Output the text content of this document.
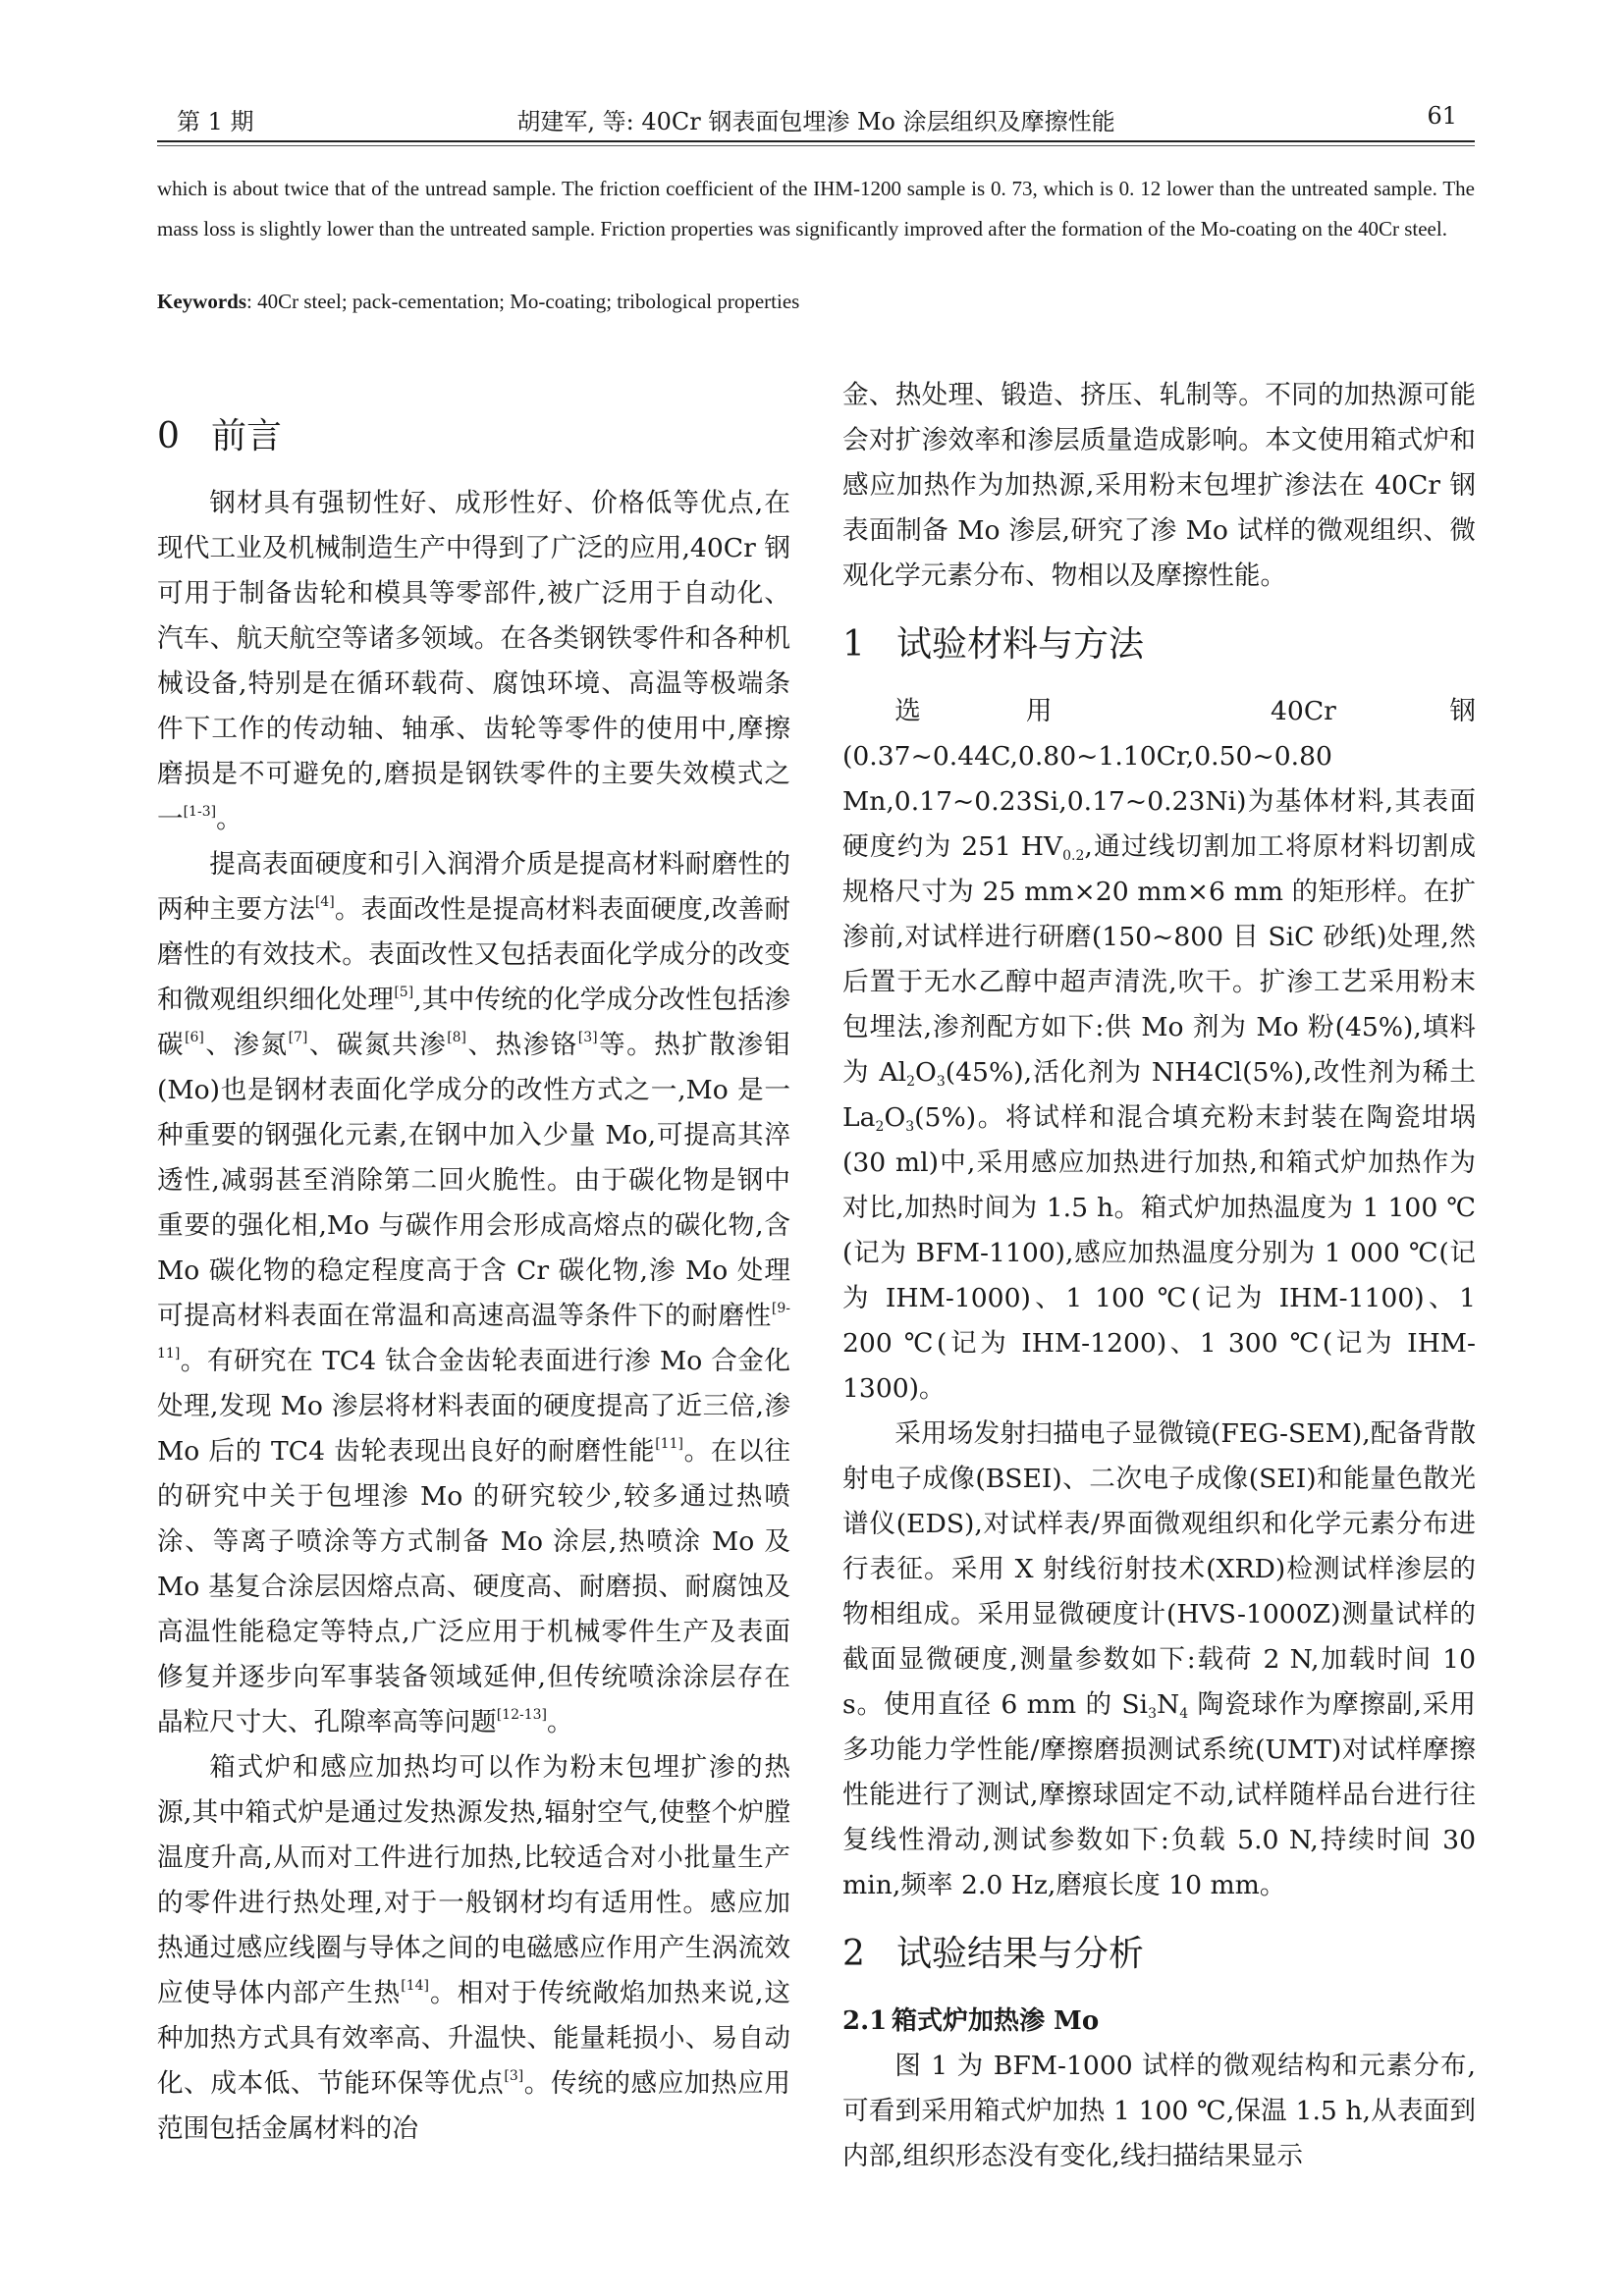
第 1 期	胡建军, 等: 40Cr 钢表面包埋渗 Mo 涂层组织及摩擦性能	61
which is about twice that of the untread sample. The friction coefficient of the IHM-1200 sample is 0. 73, which is 0. 12 lower than the untreated sample. The mass loss is slightly lower than the untreated sample. Friction properties was significantly improved after the formation of the Mo-coating on the 40Cr steel.
Keywords: 40Cr steel; pack-cementation; Mo-coating; tribological properties
0 前言

钢材具有强韧性好、成形性好、价格低等优点,在现代工业及机械制造生产中得到了广泛的应用,40Cr 钢可用于制备齿轮和模具等零部件,被广泛用于自动化、汽车、航天航空等诸多领域。在各类钢铁零件和各种机械设备,特别是在循环载荷、腐蚀环境、高温等极端条件下工作的传动轴、轴承、齿轮等零件的使用中,摩擦磨损是不可避免的,磨损是钢铁零件的主要失效模式之一[1-3]。

提高表面硬度和引入润滑介质是提高材料耐磨性的两种主要方法[4]。表面改性是提高材料表面硬度,改善耐磨性的有效技术。表面改性又包括表面化学成分的改变和微观组织细化处理[5],其中传统的化学成分改性包括渗碳[6]、渗氮[7]、碳氮共渗[8]、热渗铬[3]等。热扩散渗钼(Mo)也是钢材表面化学成分的改性方式之一,Mo 是一种重要的钢强化元素,在钢中加入少量 Mo,可提高其淬透性,减弱甚至消除第二回火脆性。由于碳化物是钢中重要的强化相,Mo 与碳作用会形成高熔点的碳化物,含 Mo 碳化物的稳定程度高于含 Cr 碳化物,渗 Mo 处理可提高材料表面在常温和高速高温等条件下的耐磨性[9-11]。有研究在 TC4 钛合金齿轮表面进行渗 Mo 合金化处理,发现 Mo 渗层将材料表面的硬度提高了近三倍,渗 Mo 后的 TC4 齿轮表现出良好的耐磨性能[11]。在以往的研究中关于包埋渗 Mo 的研究较少,较多通过热喷涂、等离子喷涂等方式制备 Mo 涂层,热喷涂 Mo 及 Mo 基复合涂层因熔点高、硬度高、耐磨损、耐腐蚀及高温性能稳定等特点,广泛应用于机械零件生产及表面修复并逐步向军事装备领域延伸,但传统喷涂涂层存在晶粒尺寸大、孔隙率高等问题[12-13]。

箱式炉和感应加热均可以作为粉末包埋扩渗的热源,其中箱式炉是通过发热源发热,辐射空气,使整个炉膛温度升高,从而对工件进行加热,比较适合对小批量生产的零件进行热处理,对于一般钢材均有适用性。感应加热通过感应线圈与导体之间的电磁感应作用产生涡流效应使导体内部产生热[14]。相对于传统敞焰加热来说,这种加热方式具有效率高、升温快、能量耗损小、易自动化、成本低、节能环保等优点[3]。传统的感应加热应用范围包括金属材料的冶

金、热处理、锻造、挤压、轧制等。不同的加热源可能会对扩渗效率和渗层质量造成影响。本文使用箱式炉和感应加热作为加热源,采用粉末包埋扩渗法在 40Cr 钢表面制备 Mo 渗层,研究了渗 Mo 试样的微观组织、微观化学元素分布、物相以及摩擦性能。

1 试验材料与方法

选用 40Cr 钢(0.37~0.44C,0.80~1.10Cr,0.50~0.80 Mn,0.17~0.23Si,0.17~0.23Ni)为基体材料,其表面硬度约为 251 $HV_{0.2}$,通过线切割加工将原材料切割成规格尺寸为 25 mm×20 mm×6 mm 的矩形样。在扩渗前,对试样进行研磨(150~800 目 SiC 砂纸)处理,然后置于无水乙醇中超声清洗,吹干。扩渗工艺采用粉末包埋法,渗剂配方如下:供 Mo 剂为 Mo 粉(45%),填料为 $Al_2O_3(45\%)$,活化剂为 NH4Cl(5%),改性剂为稀土 $La_2O_3(5\%)$。将试样和混合填充粉末封装在陶瓷坩埚(30 ml)中,采用感应加热进行加热,和箱式炉加热作为对比,加热时间为 1.5 h。箱式炉加热温度为 1 100 ℃(记为 BFM-1100),感应加热温度分别为 1 000 ℃(记为 IHM-1000)、1 100 ℃(记为 IHM-1100)、1 200 ℃(记为 IHM-1200)、1 300 ℃(记为 IHM-1300)。

采用场发射扫描电子显微镜(FEG-SEM),配备背散射电子成像(BSEI)、二次电子成像(SEI)和能量色散光谱仪(EDS),对试样表/界面微观组织和化学元素分布进行表征。采用 X 射线衍射技术(XRD)检测试样渗层的物相组成。采用显微硬度计(HVS-1000Z)测量试样的截面显微硬度,测量参数如下:载荷 2 N,加载时间 10 s。使用直径 6 mm 的 $Si_3N_4$ 陶瓷球作为摩擦副,采用多功能力学性能/摩擦磨损测试系统(UMT)对试样摩擦性能进行了测试,摩擦球固定不动,试样随样品台进行往复线性滑动,测试参数如下:负载 5.0 N,持续时间 30 min,频率 2.0 Hz,磨痕长度 10 mm。

2 试验结果与分析
2.1 箱式炉加热渗 Mo

图 1 为 BFM-1000 试样的微观结构和元素分布,可看到采用箱式炉加热 1 100 ℃,保温 1.5 h,从表面到内部,组织形态没有变化,线扫描结果显示
